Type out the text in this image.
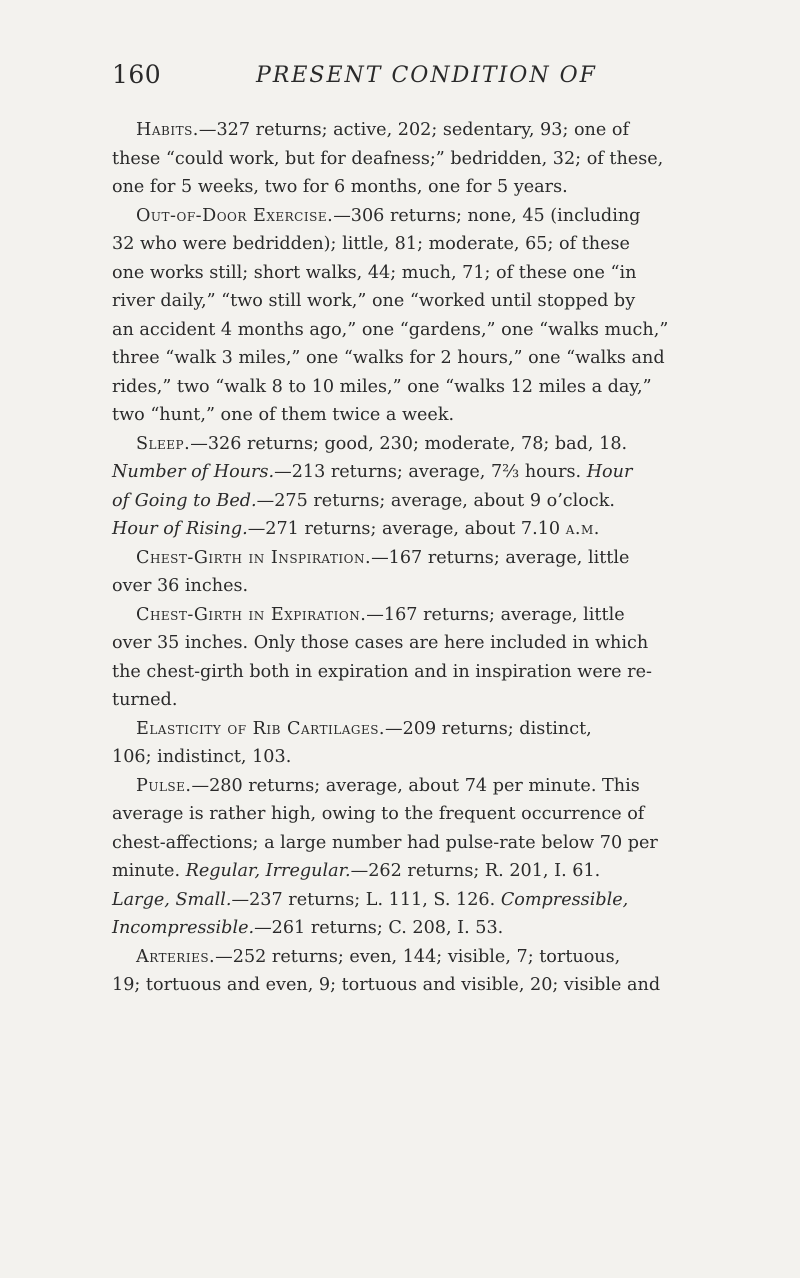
160	PRESENT CONDITION OF
Habits.—327 returns; active, 202; sedentary, 93; one of
these “could work, but for deafness;” bedridden, 32; of these,
one for 5 weeks, two for 6 months, one for 5 years.
Out-of-Door Exercise.—306 returns; none, 45 (including
32 who were bedridden); little, 81; moderate, 65; of these
one works still; short walks, 44; much, 71; of these one “in
river daily,” “two still work,” one “worked until stopped by
an accident 4 months ago,” one “gardens,” one “walks much,”
three “walk 3 miles,” one “walks for 2 hours,” one “walks and
rides,” two “walk 8 to 10 miles,” one “walks 12 miles a day,”
two “hunt,” one of them twice a week.
Sleep.—326 returns; good, 230; moderate, 78; bad, 18.
Number of Hours.—213 returns; average, 7⅔ hours. Hour
of Going to Bed.—275 returns; average, about 9 o’clock.
Hour of Rising.—271 returns; average, about 7.10 a.m.
Chest-Girth in Inspiration.—167 returns; average, little
over 36 inches.
Chest-Girth in Expiration.—167 returns; average, little
over 35 inches. Only those cases are here included in which
the chest-girth both in expiration and in inspiration were re-
turned.
Elasticity of Rib Cartilages.—209 returns; distinct,
106; indistinct, 103.
Pulse.—280 returns; average, about 74 per minute. This
average is rather high, owing to the frequent occurrence of
chest-affections; a large number had pulse-rate below 70 per
minute. Regular, Irregular.—262 returns; R. 201, I. 61.
Large, Small.—237 returns; L. 111, S. 126. Compressible,
Incompressible.—261 returns; C. 208, I. 53.
Arteries.—252 returns; even, 144; visible, 7; tortuous,
19; tortuous and even, 9; tortuous and visible, 20; visible and
